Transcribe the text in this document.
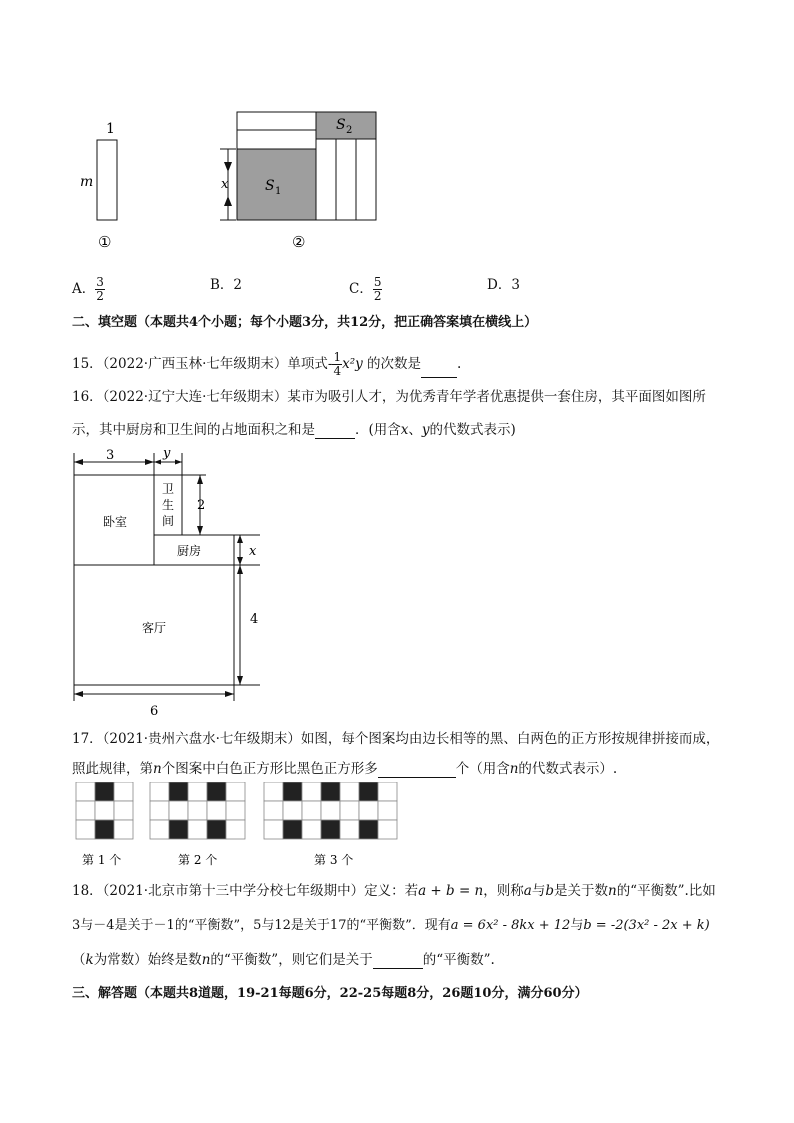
1
m
①
S 1
S 2
x
②
A． $\frac{3}{2}$	B．2	C． $\frac{5}{2}$	D．3
二、填空题（本题共4个小题；每个小题3分，共12分，把正确答案填在横线上）
15．（2022·广西玉林·七年级期末）单项式- $\frac{1}{4} x^2y$ 的次数是	.
16．（2022·辽宁大连·七年级期末）某市为吸引人才，为优秀青年学者优惠提供一套住房，其平面图如图所
示，其中厨房和卫生间的占地面积之和是	．(用含x、y的代数式表示)
3	y
2
x
4
6
卧室
卫
生
间
厨房
客厅
17．（2021·贵州六盘水·七年级期末）如图，每个图案均由边长相等的黑、白两色的正方形按规律拼接而成，
照此规律，第n个图案中白色正方形比黑色正方形多	个（用含n的代数式表示）.
第 1 个	第 2 个	第 3 个
18．（2021·北京市第十三中学分校七年级期中）定义：若a + b = n，则称a与b是关于数n的“平衡数”.比如
3与－4是关于－1的“平衡数”，5与12是关于17的“平衡数”．现有a = 6x² - 8kx + 12与b = -2(3x² - 2x + k)
（k为常数）始终是数n的“平衡数”，则它们是关于	的“平衡数”.
三、解答题（本题共8道题，19-21每题6分，22-25每题8分，26题10分，满分60分）
